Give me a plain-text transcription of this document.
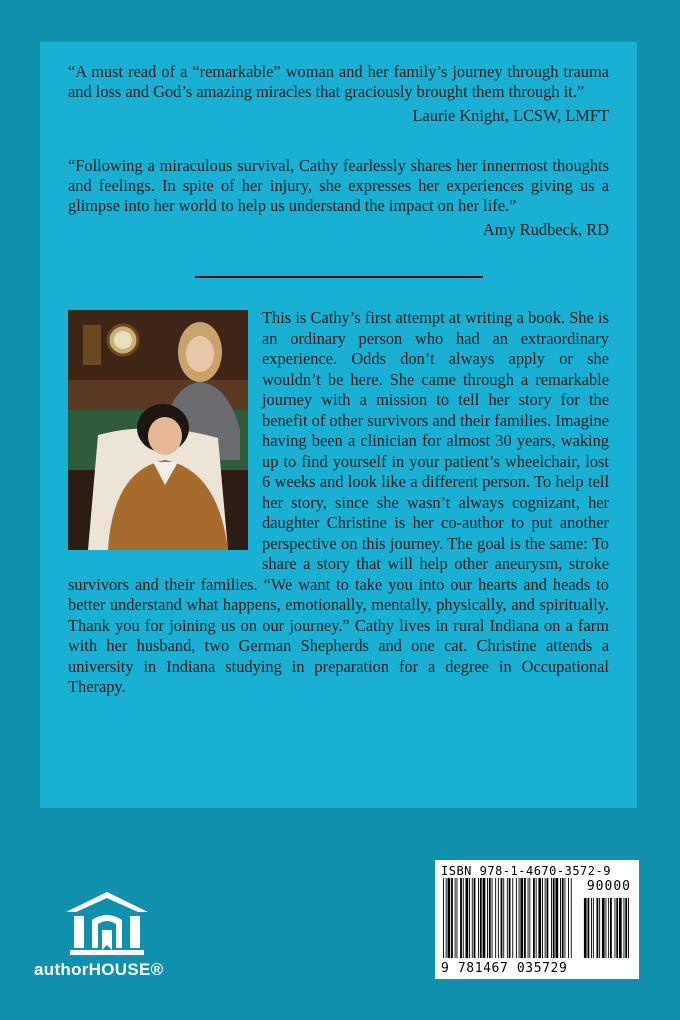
“A must read of a “remarkable” woman and her family’s journey through trauma and loss and God’s amazing miracles that graciously brought them through it.”

Laurie Knight, LCSW, LMFT

“Following a miraculous survival, Cathy fearlessly shares her innermost thoughts and feelings. In spite of her injury, she expresses her experiences giving us a glimpse into her world to help us understand the impact on her life.”

Amy Rudbeck, RD

This is Cathy’s first attempt at writing a book. She is an ordinary person who had an extraordinary experience. Odds don’t always apply or she wouldn’t be here. She came through a remarkable journey with a mission to tell her story for the benefit of other survivors and their families. Imagine having been a clinician for almost 30 years, waking up to find yourself in your patient’s wheelchair, lost 6 weeks and look like a different person. To help tell her story, since she wasn’t always cognizant, her daughter Christine is her co-author to put another perspective on this journey. The goal is the same: To share a story that will help other aneurysm, stroke survivors and their families. “We want to take you into our hearts and heads to better understand what happens, emotionally, mentally, physically, and spiritually. Thank you for joining us on our journey.” Cathy lives in rural Indiana on a farm with her husband, two German Shepherds and one cat. Christine attends a university in Indiana studying in preparation for a degree in Occupational Therapy.

authorHOUSE®
ISBN 978-1-4670-3572-9
90000
9 781467 035729
